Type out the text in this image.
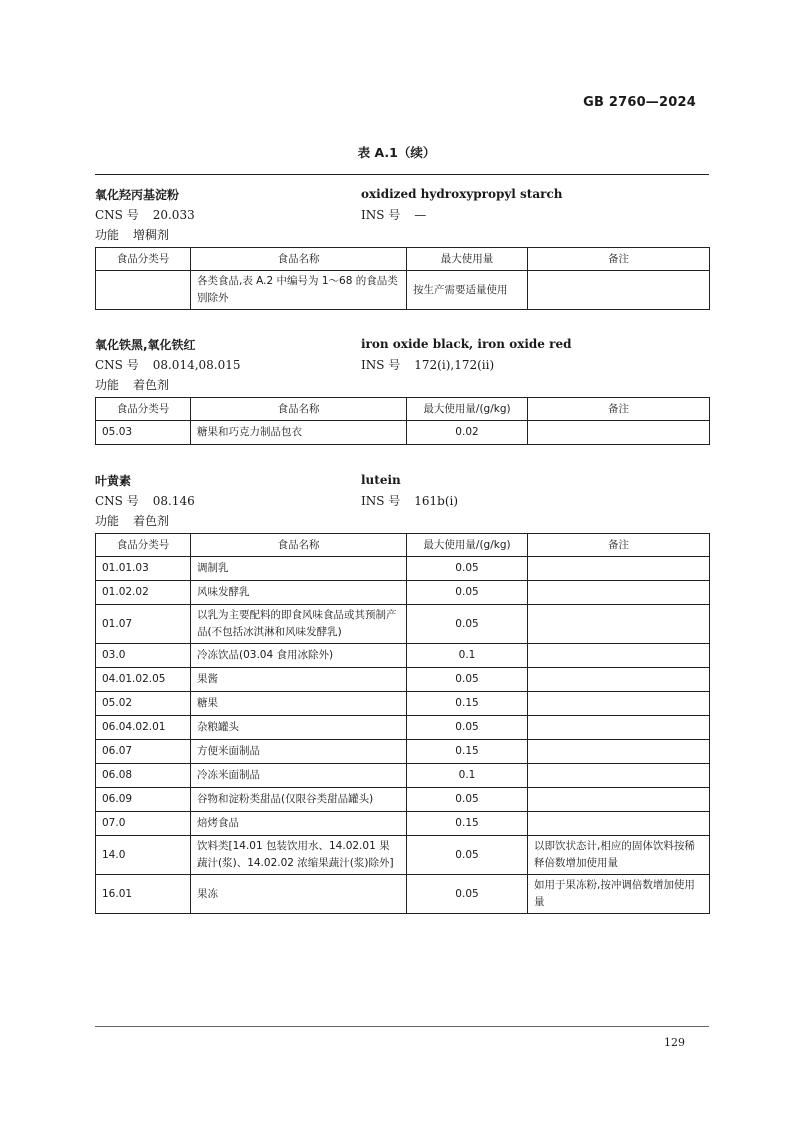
GB 2760—2024
表 A.1（续）
氧化羟丙基淀粉	oxidized hydroxypropyl starch
CNS 号 20.033	INS 号 —
功能 增稠剂
食品分类号	食品名称	最大使用量	备注
	各类食品,表 A.2 中编号为 1～68 的食品类别除外	按生产需要适量使用	
氧化铁黑,氧化铁红	iron oxide black, iron oxide red
CNS 号 08.014,08.015	INS 号 172(i),172(ii)
功能 着色剂
食品分类号	食品名称	最大使用量/(g/kg)	备注
05.03	糖果和巧克力制品包衣	0.02	
叶黄素	lutein
CNS 号 08.146	INS 号 161b(i)
功能 着色剂
食品分类号	食品名称	最大使用量/(g/kg)	备注
01.01.03	调制乳	0.05	
01.02.02	风味发酵乳	0.05	
01.07	以乳为主要配料的即食风味食品或其预制产品(不包括冰淇淋和风味发酵乳)	0.05	
03.0	冷冻饮品(03.04 食用冰除外)	0.1	
04.01.02.05	果酱	0.05	
05.02	糖果	0.15	
06.04.02.01	杂粮罐头	0.05	
06.07	方便米面制品	0.15	
06.08	冷冻米面制品	0.1	
06.09	谷物和淀粉类甜品(仅限谷类甜品罐头)	0.05	
07.0	焙烤食品	0.15	
14.0	饮料类[14.01 包装饮用水、14.02.01 果蔬汁(浆)、14.02.02 浓缩果蔬汁(浆)除外]	0.05	以即饮状态计,相应的固体饮料按稀释倍数增加使用量
16.01	果冻	0.05	如用于果冻粉,按冲调倍数增加使用量
129
